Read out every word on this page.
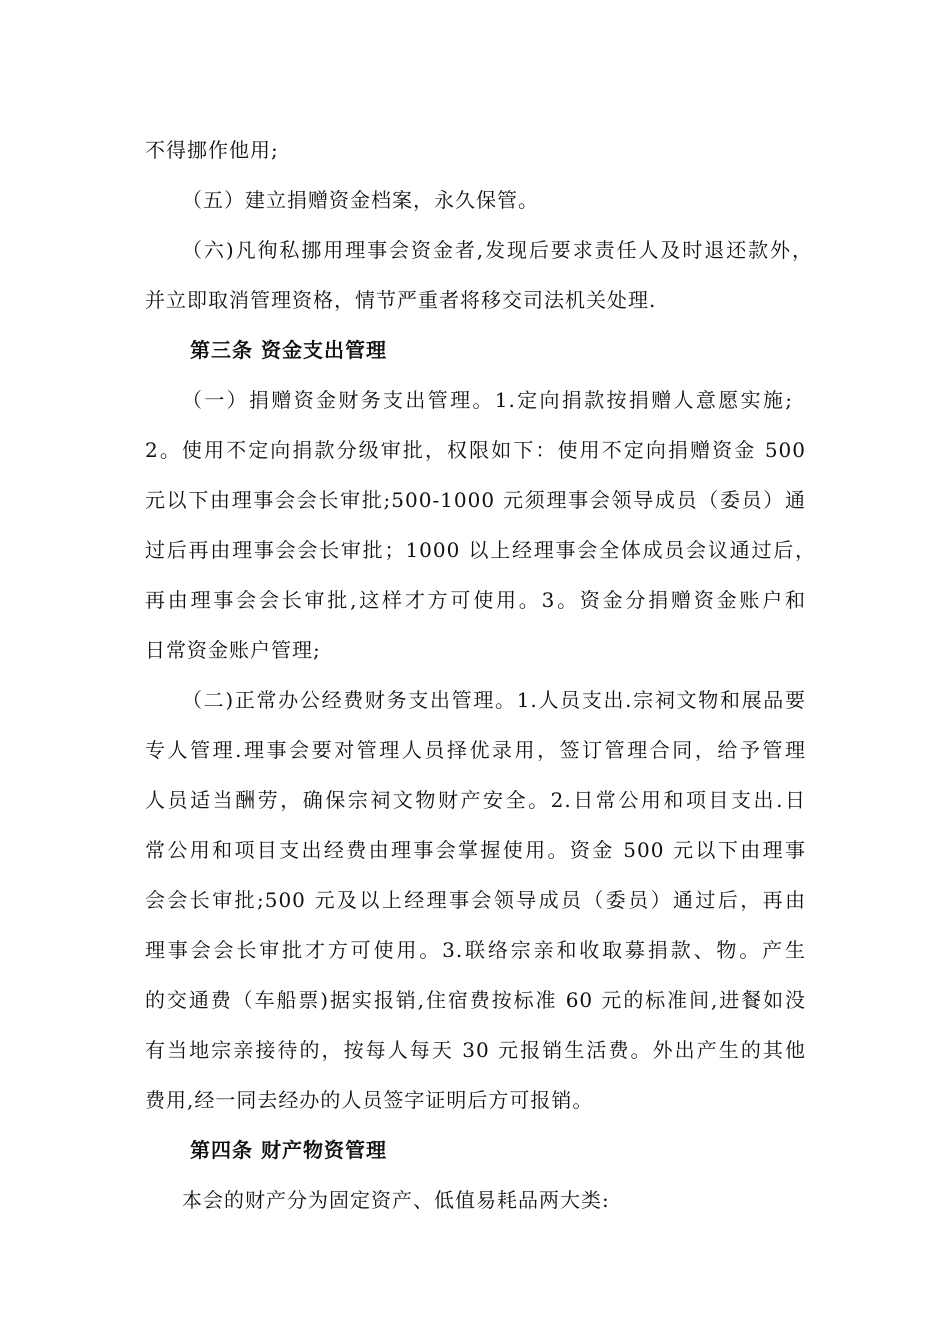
不得挪作他用;
（五）建立捐赠资金档案，永久保管。
（六)凡徇私挪用理事会资金者,发现后要求责任人及时退还款外，
并立即取消管理资格，情节严重者将移交司法机关处理.
第三条 资金支出管理
（一）捐赠资金财务支出管理。1.定向捐款按捐赠人意愿实施;
2。使用不定向捐款分级审批，权限如下：使用不定向捐赠资金 500
元以下由理事会会长审批;500-1000 元须理事会领导成员（委员）通
过后再由理事会会长审批；1000 以上经理事会全体成员会议通过后，
再由理事会会长审批,这样才方可使用。3。资金分捐赠资金账户和
日常资金账户管理;
（二)正常办公经费财务支出管理。1.人员支出.宗祠文物和展品要
专人管理.理事会要对管理人员择优录用，签订管理合同，给予管理
人员适当酬劳，确保宗祠文物财产安全。2.日常公用和项目支出.日
常公用和项目支出经费由理事会掌握使用。资金 500 元以下由理事
会会长审批;500 元及以上经理事会领导成员（委员）通过后，再由
理事会会长审批才方可使用。3.联络宗亲和收取募捐款、物。产生
的交通费（车船票)据实报销,住宿费按标准 60 元的标准间,进餐如没
有当地宗亲接待的，按每人每天 30 元报销生活费。外出产生的其他
费用,经一同去经办的人员签字证明后方可报销。
第四条 财产物资管理
本会的财产分为固定资产、低值易耗品两大类:
